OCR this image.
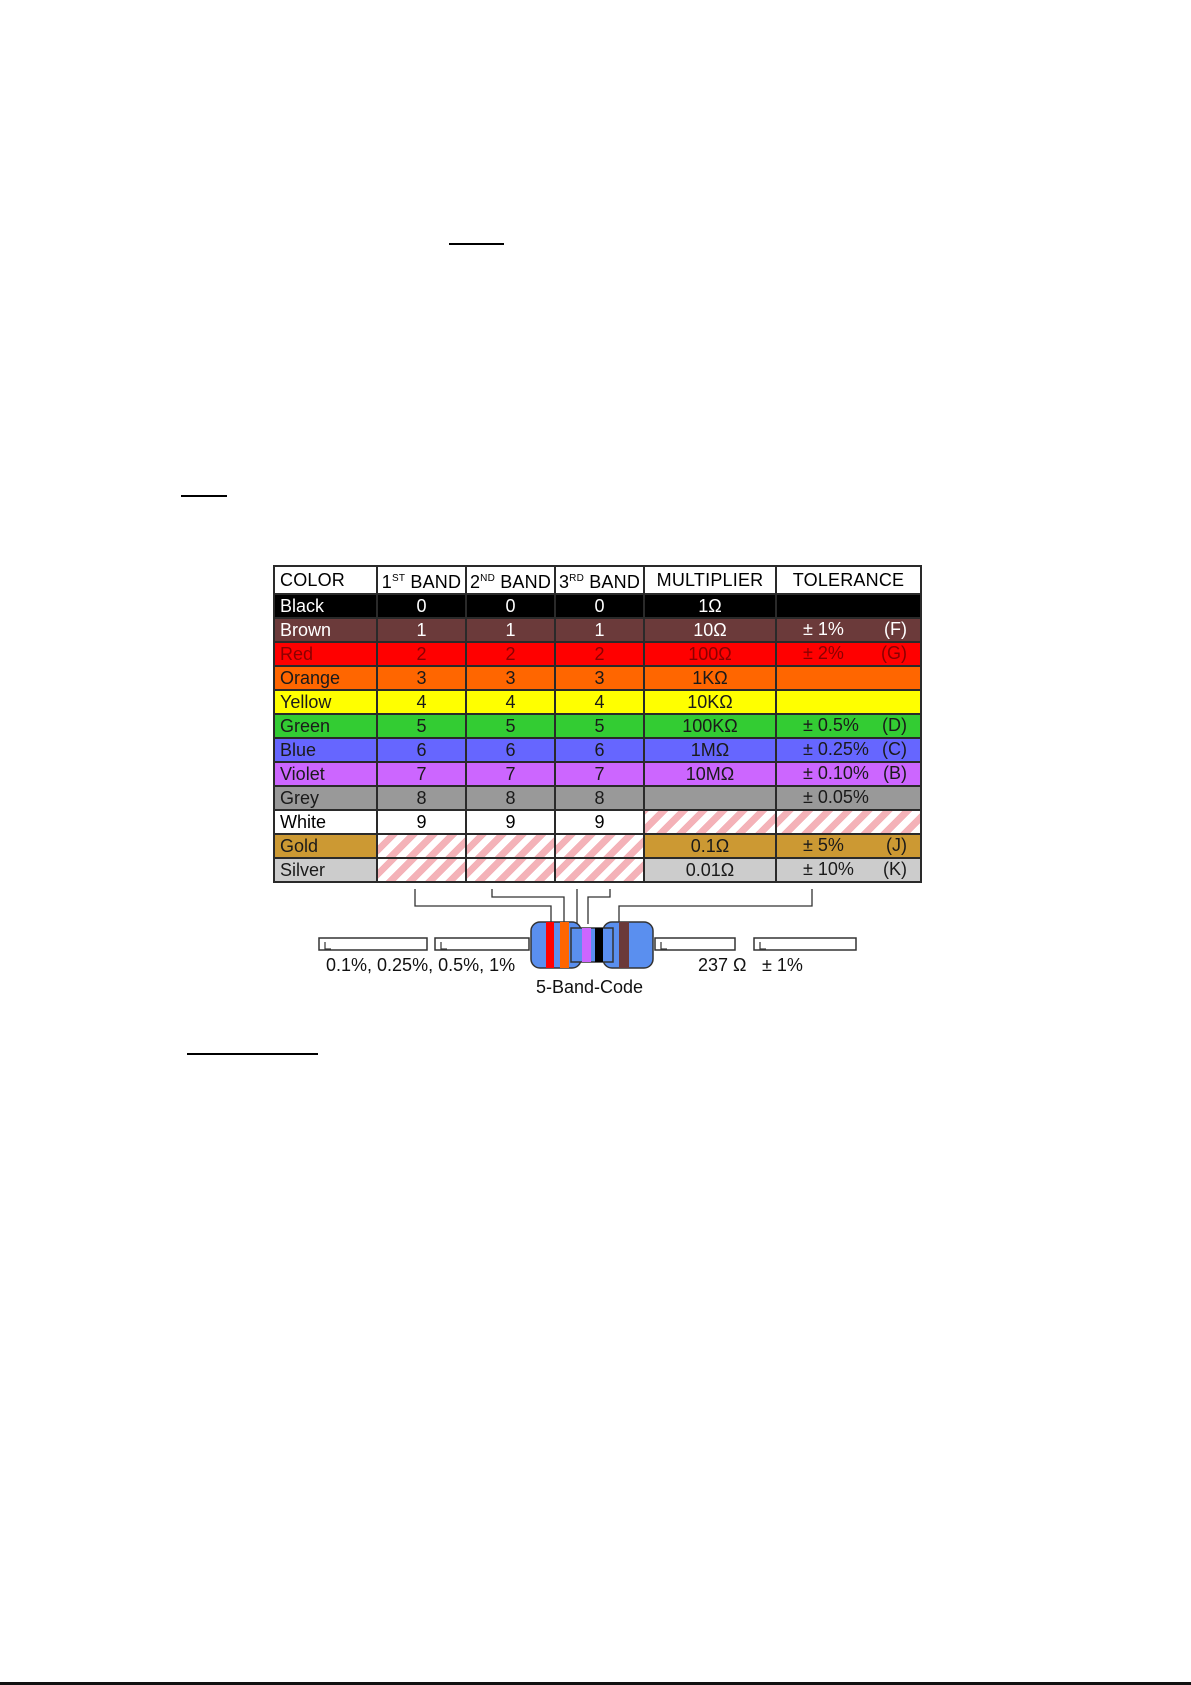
COLOR	1ST BAND	2ND BAND	3RD BAND	MULTIPLIER	TOLERANCE
Black	0	0	0	1Ω	

Brown	1	1	1	10Ω	± 1% (F)

Red	2	2	2	100Ω	± 2% (G)

Orange	3	3	3	1KΩ	

Yellow	4	4	4	10KΩ	

Green	5	5	5	100KΩ	± 0.5% (D)

Blue	6	6	6	1MΩ	± 0.25% (C)

Violet	7	7	7	10MΩ	± 0.10% (B)

Grey	8	8	8		± 0.05%

White	9	9	9		

Gold				0.1Ω	± 5% (J)

Silver				0.01Ω	± 10% (K)
0.1%, 0.25%, 0.5%, 1%	237 Ω ± 1%
5-Band-Code
